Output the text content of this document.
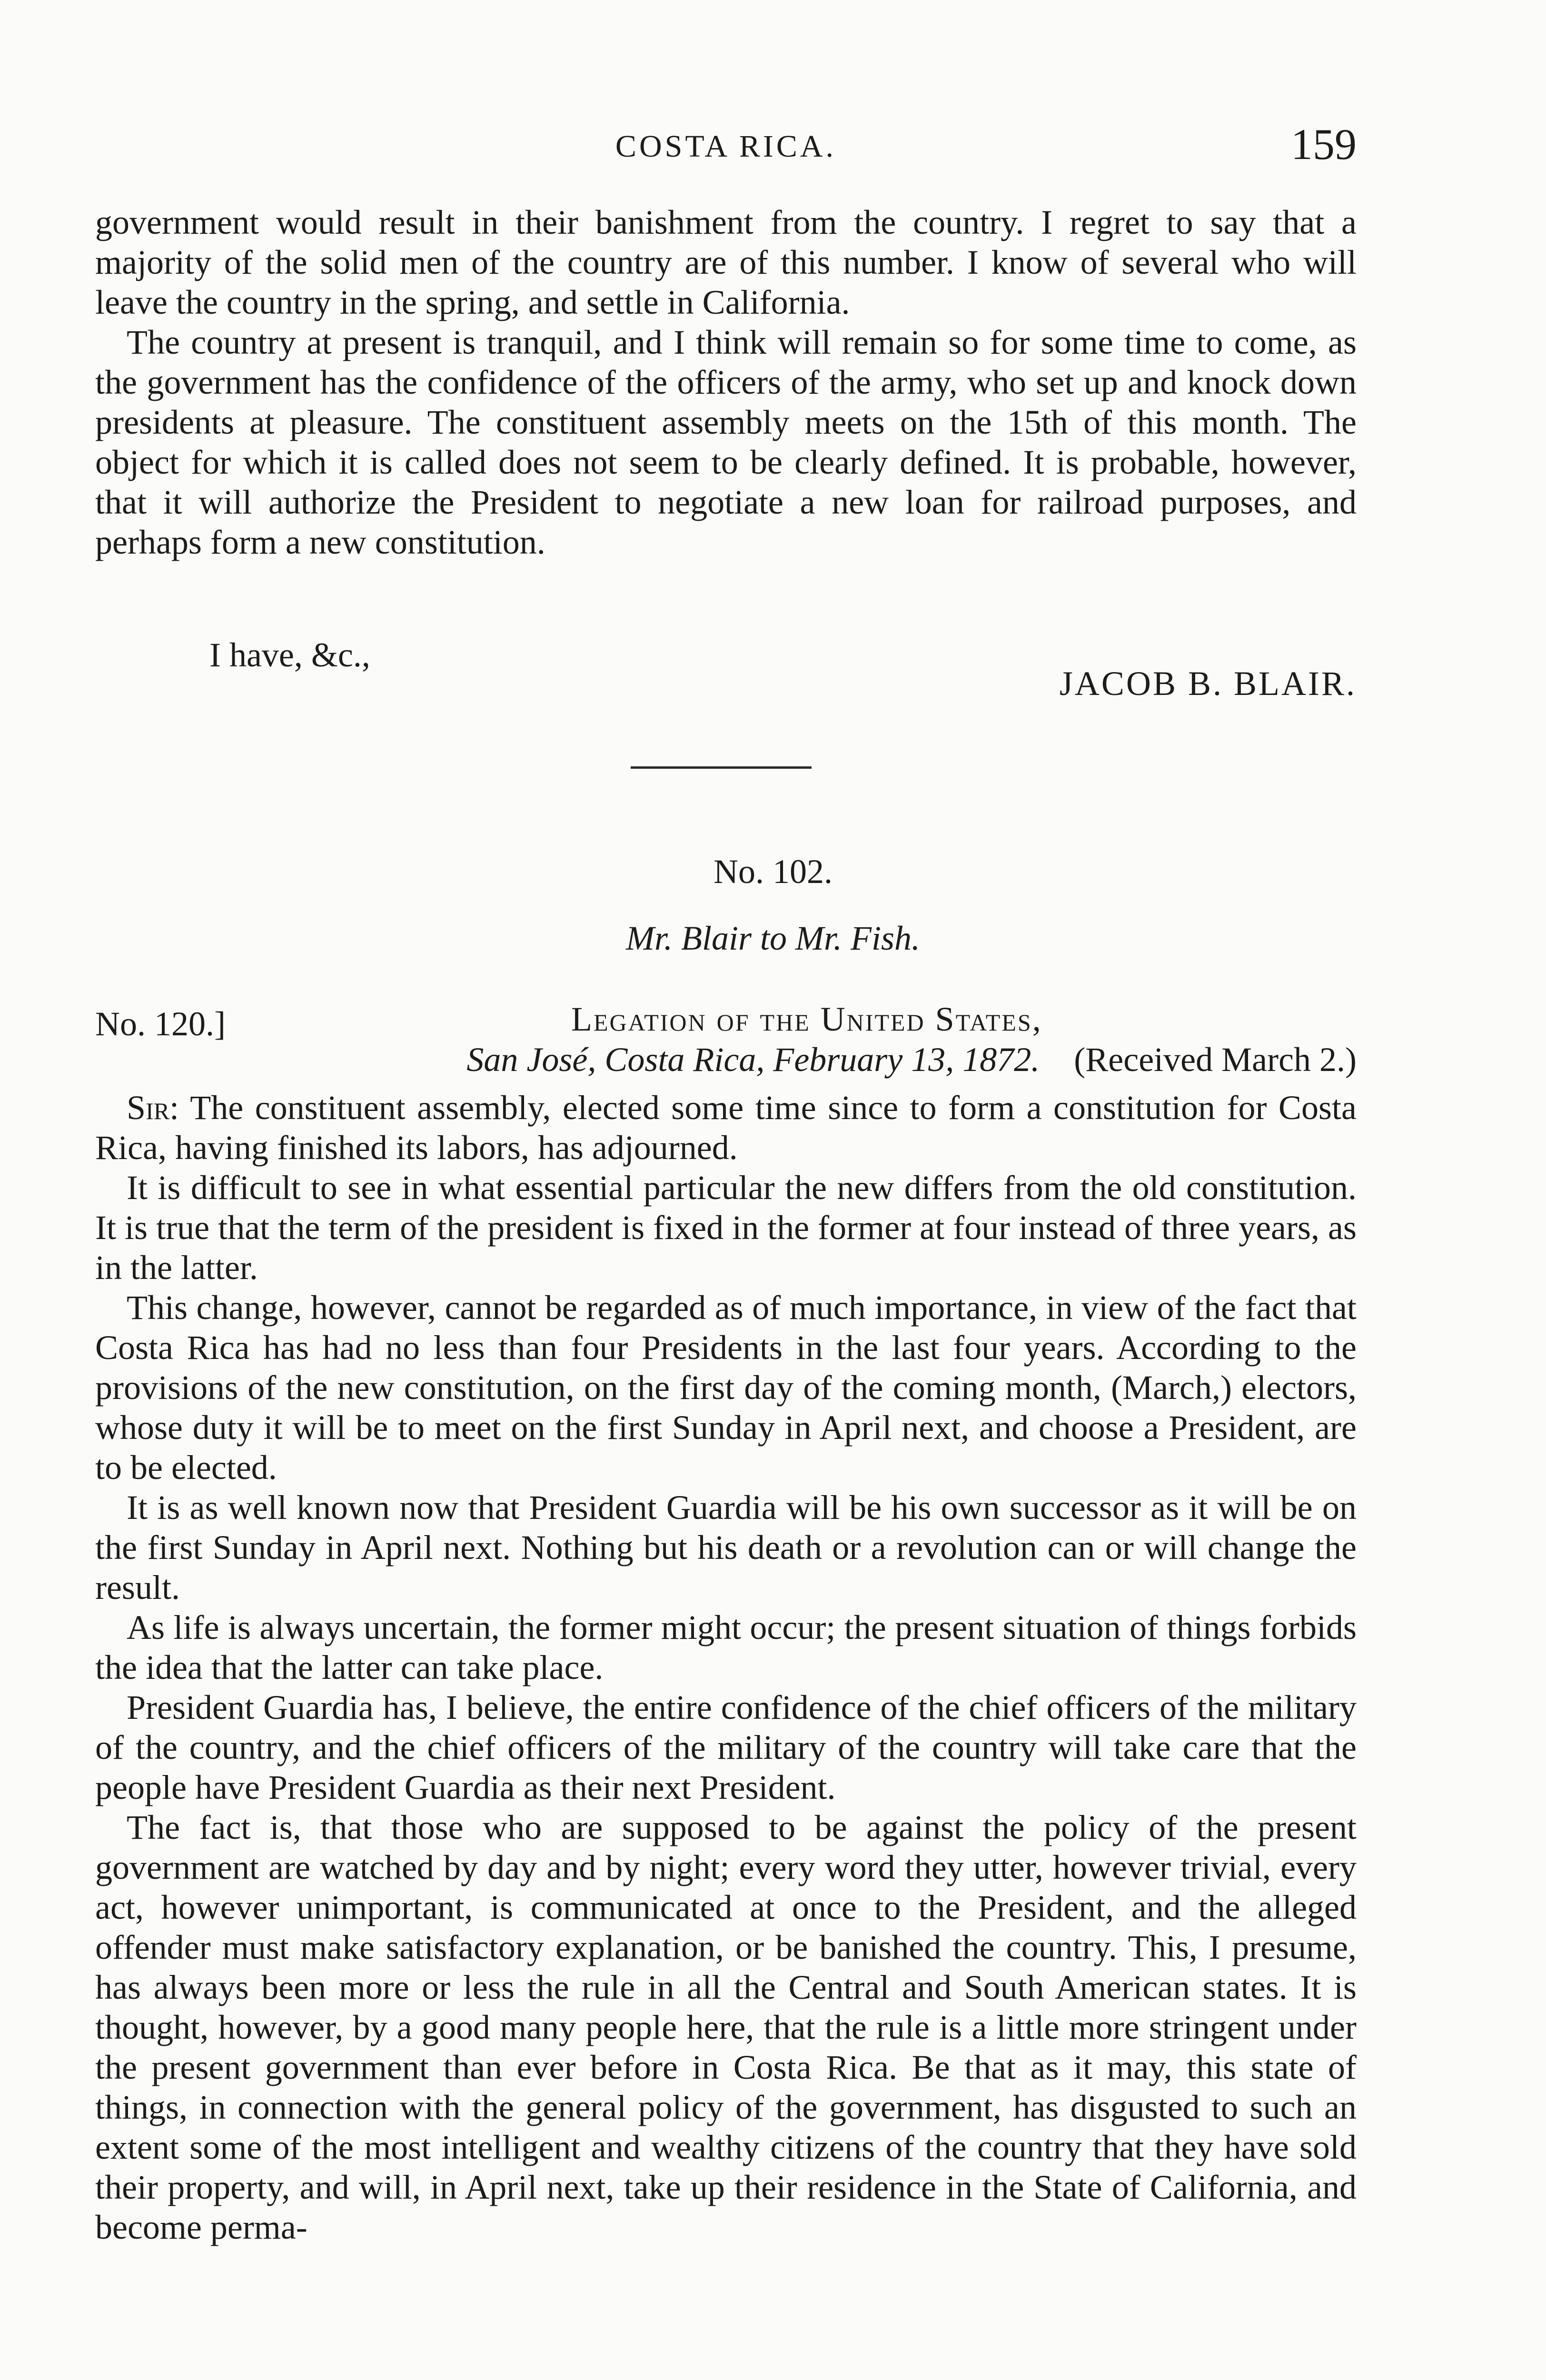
COSTA RICA.	159

government would result in their banishment from the country. I regret to say that a majority of the solid men of the country are of this number. I know of several who will leave the country in the spring, and settle in California.

The country at present is tranquil, and I think will remain so for some time to come, as the government has the confidence of the officers of the army, who set up and knock down presidents at pleasure. The constituent assembly meets on the 15th of this month. The object for which it is called does not seem to be clearly defined. It is probable, however, that it will authorize the President to negotiate a new loan for railroad purposes, and perhaps form a new constitution.

I have, &c.,
JACOB B. BLAIR.
No. 102.
Mr. Blair to Mr. Fish.
No. 120.]	Legation of the United States,
San José, Costa Rica, February 13, 1872. (Received March 2.)

Sir: The constituent assembly, elected some time since to form a constitution for Costa Rica, having finished its labors, has adjourned.

It is difficult to see in what essential particular the new differs from the old constitution. It is true that the term of the president is fixed in the former at four instead of three years, as in the latter.

This change, however, cannot be regarded as of much importance, in view of the fact that Costa Rica has had no less than four Presidents in the last four years. According to the provisions of the new constitution, on the first day of the coming month, (March,) electors, whose duty it will be to meet on the first Sunday in April next, and choose a President, are to be elected.

It is as well known now that President Guardia will be his own successor as it will be on the first Sunday in April next. Nothing but his death or a revolution can or will change the result.

As life is always uncertain, the former might occur; the present situation of things forbids the idea that the latter can take place.

President Guardia has, I believe, the entire confidence of the chief officers of the military of the country, and the chief officers of the military of the country will take care that the people have President Guardia as their next President.

The fact is, that those who are supposed to be against the policy of the present government are watched by day and by night; every word they utter, however trivial, every act, however unimportant, is communicated at once to the President, and the alleged offender must make satisfactory explanation, or be banished the country. This, I presume, has always been more or less the rule in all the Central and South American states. It is thought, however, by a good many people here, that the rule is a little more stringent under the present government than ever before in Costa Rica. Be that as it may, this state of things, in connection with the general policy of the government, has disgusted to such an extent some of the most intelligent and wealthy citizens of the country that they have sold their property, and will, in April next, take up their residence in the State of California, and become perma-
